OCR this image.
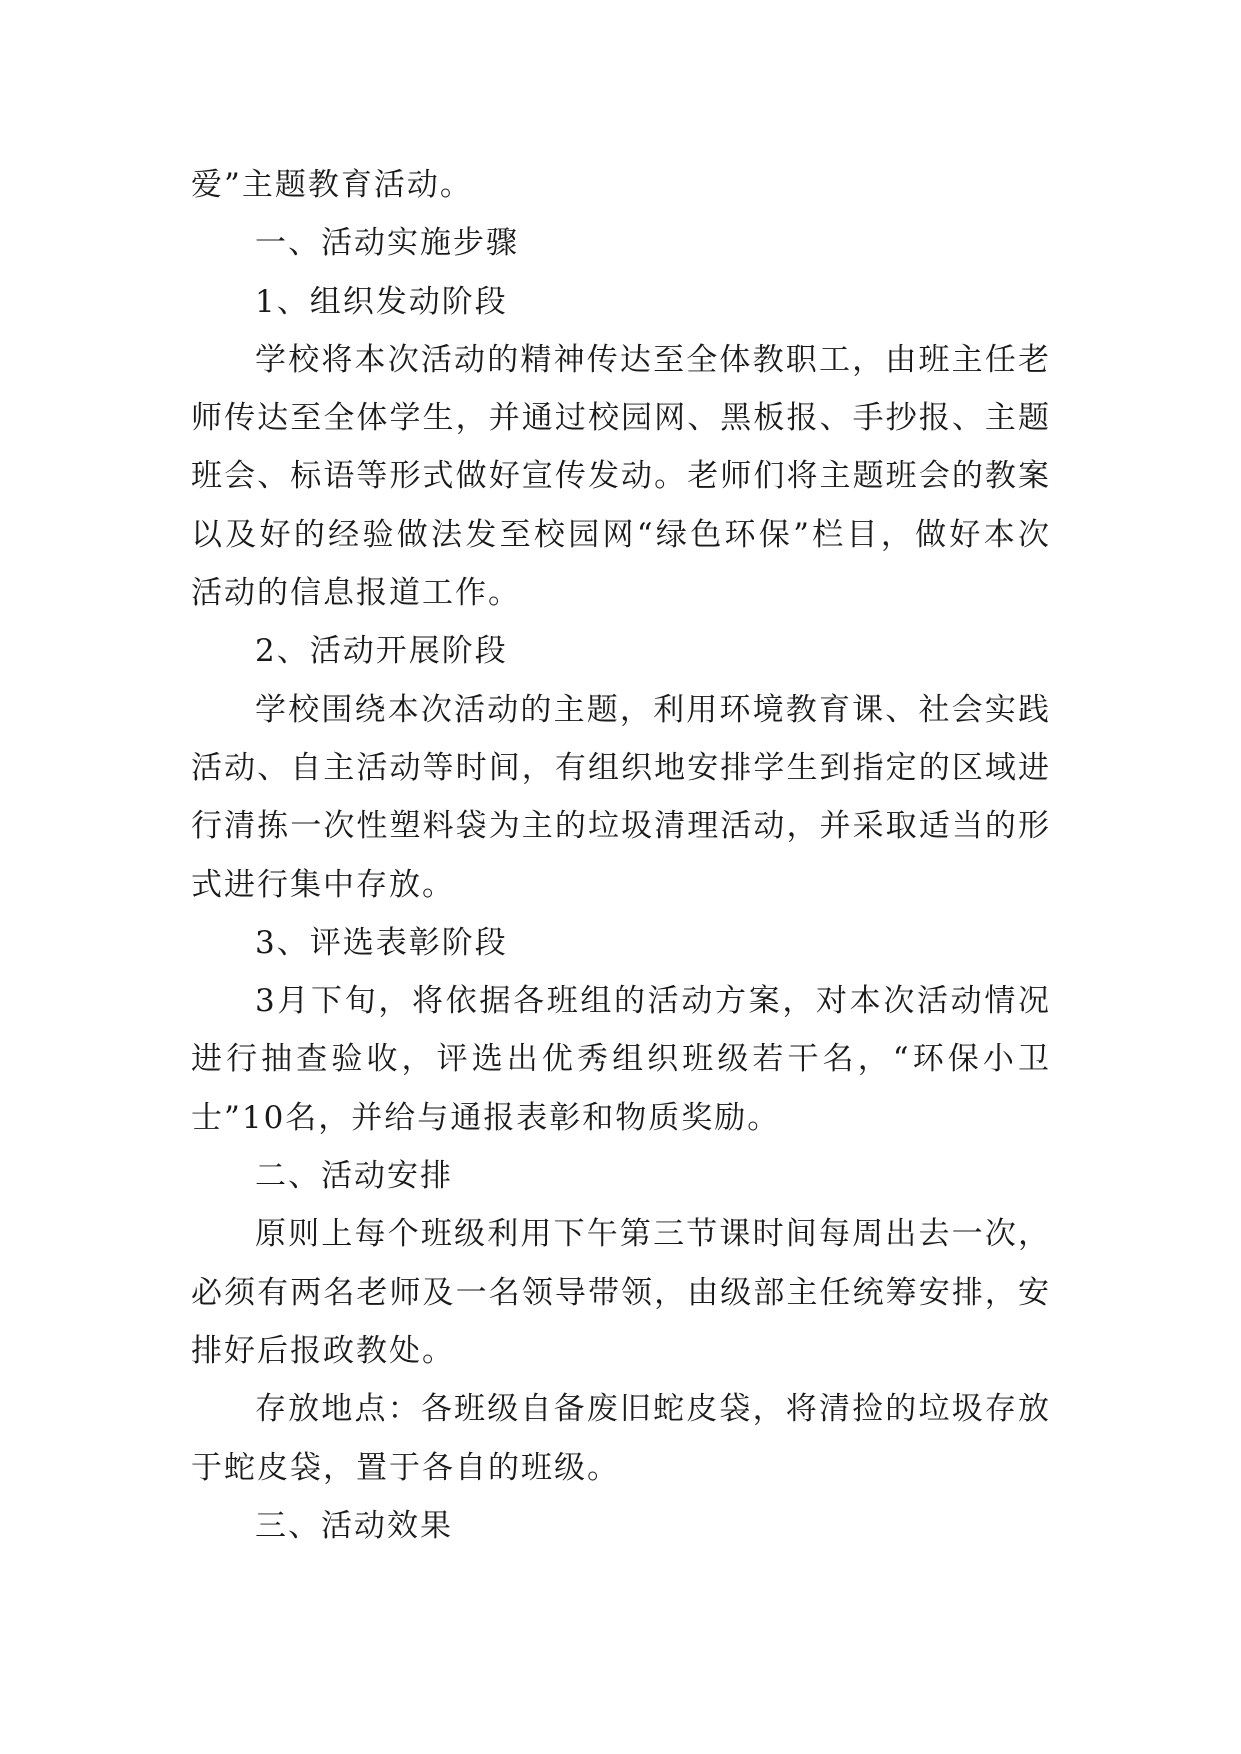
爱”主题教育活动。

一、活动实施步骤

1、组织发动阶段

学校将本次活动的精神传达至全体教职工，由班主任老师传达至全体学生，并通过校园网、黑板报、手抄报、主题班会、标语等形式做好宣传发动。老师们将主题班会的教案以及好的经验做法发至校园网“绿色环保”栏目，做好本次活动的信息报道工作。

2、活动开展阶段

学校围绕本次活动的主题，利用环境教育课、社会实践活动、自主活动等时间，有组织地安排学生到指定的区域进行清拣一次性塑料袋为主的垃圾清理活动，并采取适当的形式进行集中存放。

3、评选表彰阶段

3月下旬，将依据各班组的活动方案，对本次活动情况进行抽查验收，评选出优秀组织班级若干名，“环保小卫士”10名，并给与通报表彰和物质奖励。

二、活动安排

原则上每个班级利用下午第三节课时间每周出去一次，必须有两名老师及一名领导带领，由级部主任统筹安排，安排好后报政教处。

存放地点：各班级自备废旧蛇皮袋，将清捡的垃圾存放于蛇皮袋，置于各自的班级。

三、活动效果
